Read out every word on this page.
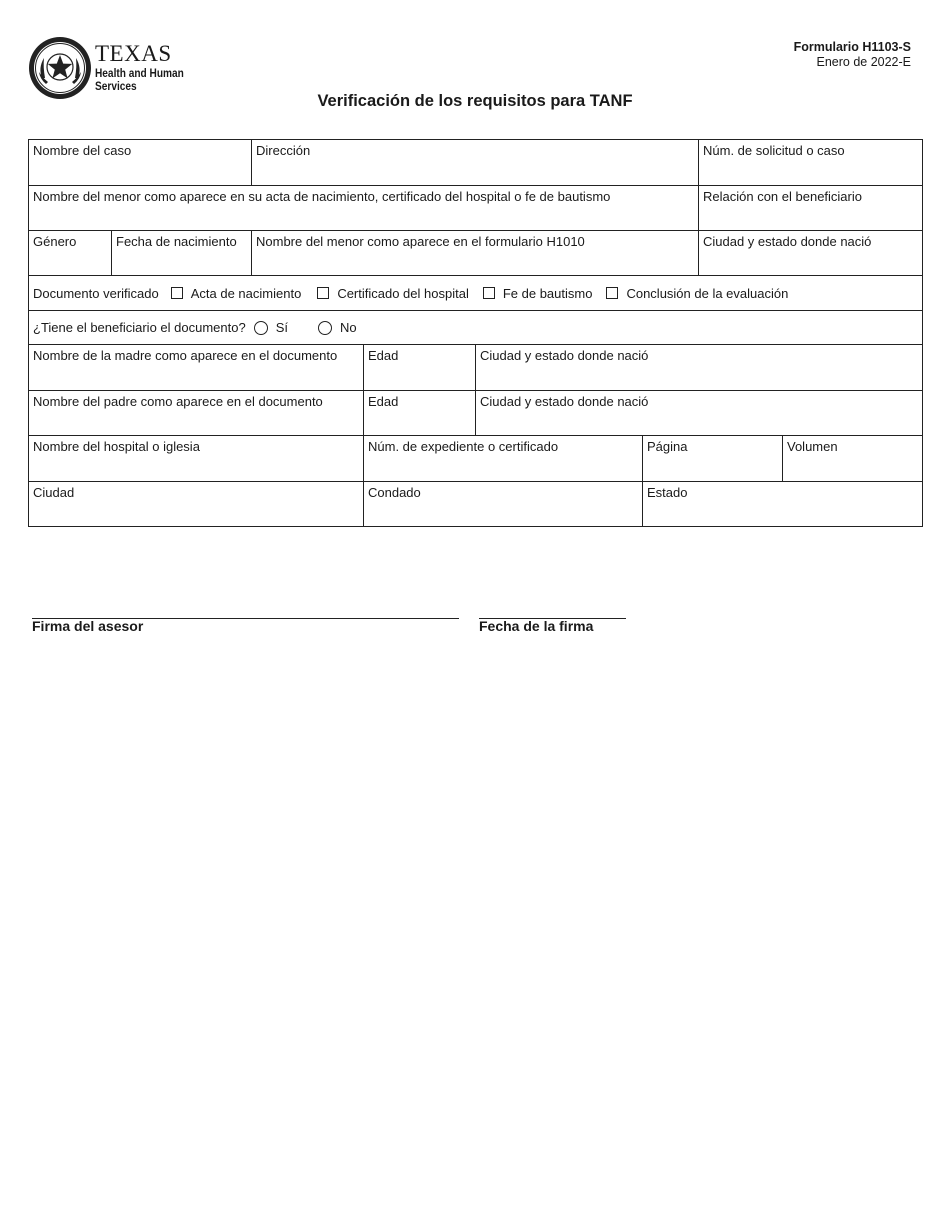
TEXAS
Health and Human
Services
Formulario H1103-S
Enero de 2022-E
Verificación de los requisitos para TANF
Nombre del caso	Dirección	Núm. de solicitud o caso
Nombre del menor como aparece en su acta de nacimiento, certificado del hospital o fe de bautismo	Relación con el beneficiario
Género	Fecha de nacimiento	Nombre del menor como aparece en el formulario H1010	Ciudad y estado donde nació
Documento verificado Acta de nacimiento	Certificado del hospital	Fe de bautismo	Conclusión de la evaluación
¿Tiene el beneficiario el documento? Sí	No
Nombre de la madre como aparece en el documento	Edad	Ciudad y estado donde nació
Nombre del padre como aparece en el documento	Edad	Ciudad y estado donde nació
Nombre del hospital o iglesia	Núm. de expediente o certificado	Página	Volumen
Ciudad	Condado	Estado
Firma del asesor	Fecha de la firma
